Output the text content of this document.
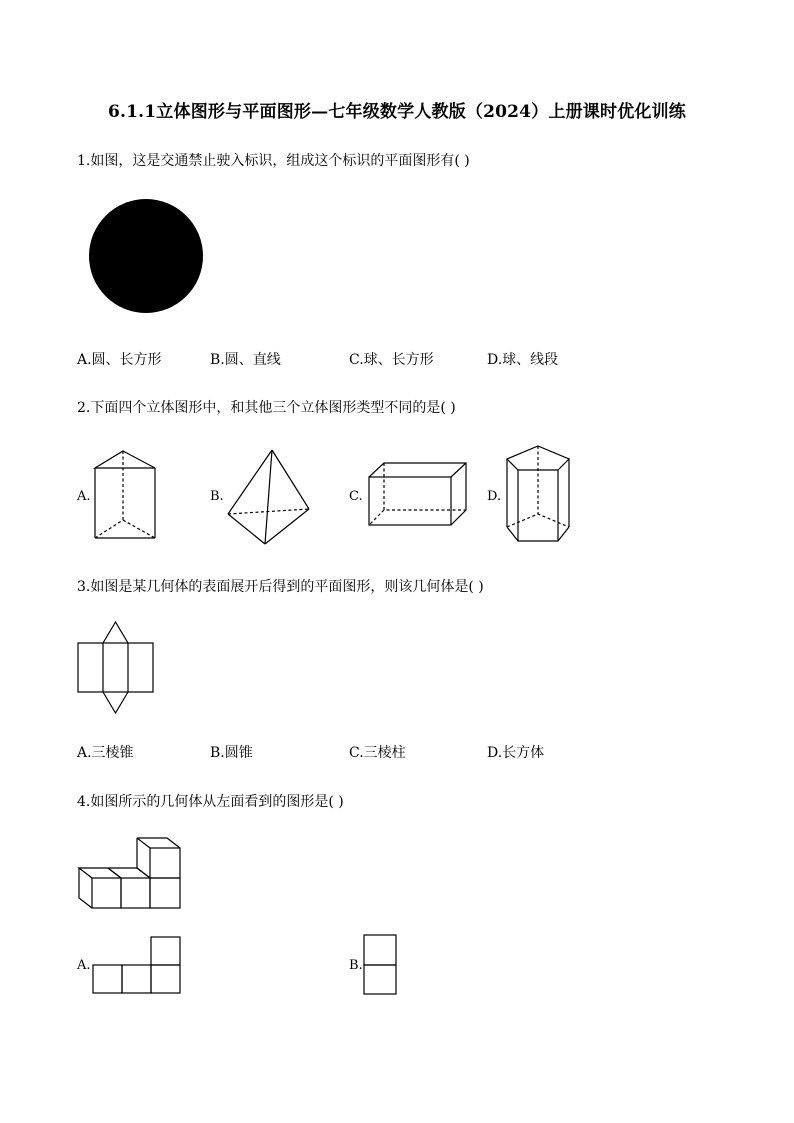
6.1.1立体图形与平面图形—七年级数学人教版（2024）上册课时优化训练
1.如图，这是交通禁止驶入标识，组成这个标识的平面图形有( )
A.圆、长方形	B.圆、直线	C.球、长方形	D.球、线段
2.下面四个立体图形中，和其他三个立体图形类型不同的是( )
A.	B.	C.	D.
3.如图是某几何体的表面展开后得到的平面图形，则该几何体是( )
A.三棱锥	B.圆锥	C.三棱柱	D.长方体
4.如图所示的几何体从左面看到的图形是( )
A.	B.
